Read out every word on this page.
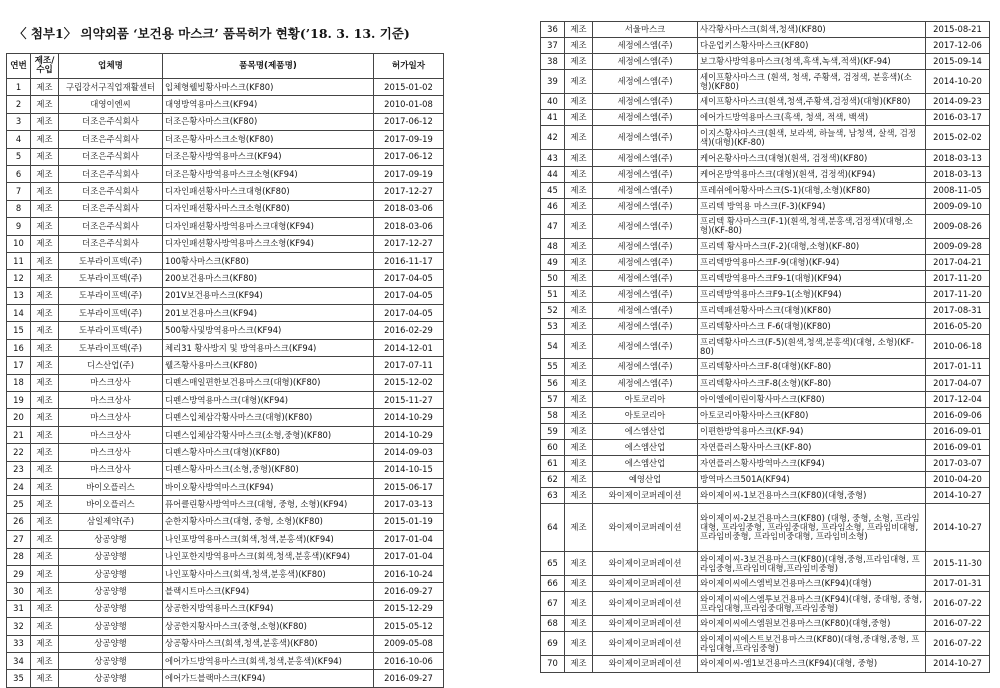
〈 첨부1〉 의약외품 ‘보건용 마스크’ 품목허가 현황(’18. 3. 13. 기준)
연번	제조/ 수입	업체명	품목명(제품명)	허가일자
1	제조	구립강서구직업재활센터	입체형웰빙황사마스크(KF80)	2015-01-02
2	제조	대영이엔씨	대영방역용마스크(KF94)	2010-01-08
3	제조	더조은주식회사	더조은황사마스크(KF80)	2017-06-12
4	제조	더조은주식회사	더조은황사마스크소형(KF80)	2017-09-19
5	제조	더조은주식회사	더조은황사방역용마스크(KF94)	2017-06-12
6	제조	더조은주식회사	더조은황사방역용마스크소형(KF94)	2017-09-19
7	제조	더조은주식회사	디자인패션황사마스크대형(KF80)	2017-12-27
8	제조	더조은주식회사	디자인패션황사마스크소형(KF80)	2018-03-06
9	제조	더조은주식회사	디자인패션황사방역용마스크대형(KF94)	2018-03-06
10	제조	더조은주식회사	디자인패션황사방역용마스크소형(KF94)	2017-12-27
11	제조	도부라이프텍(주)	100황사마스크(KF80)	2016-11-17
12	제조	도부라이프텍(주)	200보건용마스크(KF80)	2017-04-05
13	제조	도부라이프텍(주)	201V보건용마스크(KF94)	2017-04-05
14	제조	도부라이프텍(주)	201보건용마스크(KF94)	2017-04-05
15	제조	도부라이프텍(주)	500황사및방역용마스크(KF94)	2016-02-29
16	제조	도부라이프텍(주)	체리31 황사방지 및 방역용마스크(KF94)	2014-12-01
17	제조	디스산업(주)	웰즈황사용마스크(KF80)	2017-07-11
18	제조	마스크상사	디펜스매일편한보건용마스크(대형)(KF80)	2015-12-02
19	제조	마스크상사	디펜스방역용마스크(대형)(KF94)	2015-11-27
20	제조	마스크상사	디펜스입체삼각황사마스크(대형)(KF80)	2014-10-29
21	제조	마스크상사	디펜스입체삼각황사마스크(소형,중형)(KF80)	2014-10-29
22	제조	마스크상사	디펜스황사마스크(대형)(KF80)	2014-09-03
23	제조	마스크상사	디펜스황사마스크(소형,중형)(KF80)	2014-10-15
24	제조	바이오플러스	바이오황사방역마스크(KF94)	2015-06-17
25	제조	바이오플러스	퓨어클린황사방역마스크(대형, 중형, 소형)(KF94)	2017-03-13
26	제조	삼일제약(주)	순한지황사마스크(대형, 중형, 소형)(KF80)	2015-01-19
27	제조	상공양행	나인포방역용마스크(회색,청색,분홍색)(KF94)	2017-01-04
28	제조	상공양행	나인포한지방역용마스크(회색,청색,분홍색)(KF94)	2017-01-04
29	제조	상공양행	나인포황사마스크(회색,청색,분홍색)(KF80)	2016-10-24
30	제조	상공양행	블랙시트마스크(KF94)	2016-09-27
31	제조	상공양행	상공한지방역용마스크(KF94)	2015-12-29
32	제조	상공양행	상공한지황사마스크(중형,소형)(KF80)	2015-05-12
33	제조	상공양행	상공황사마스크(회색,청색,분홍색)(KF80)	2009-05-08
34	제조	상공양행	에어가드방역용마스크(회색,청색,분홍색)(KF94)	2016-10-06
35	제조	상공양행	에어가드블랙마스크(KF94)	2016-09-27
36	제조	서울마스크	사각황사마스크(회색,청색)(KF80)	2015-08-21
37	제조	세정에스엠(주)	다운업키스황사마스크(KF80)	2017-12-06
38	제조	세정에스엠(주)	보그황사방역용마스크(청색,흑색,녹색,적색)(KF-94)	2015-09-14
39	제조	세정에스엠(주)	세이프황사마스크 (흰색, 청색, 주황색, 검정색, 분홍색)(소형)(KF80)	2014-10-20
40	제조	세정에스엠(주)	세이프황사마스크(흰색,청색,주황색,검정색)(대형)(KF80)	2014-09-23
41	제조	세정에스엠(주)	에어가드방역용마스크(흑색, 청색, 적색, 백색)	2016-03-17
42	제조	세정에스엠(주)	이지스황사마스크(흰색, 보라색, 하늘색, 남청색, 살색, 검정색)(대형)(KF-80)	2015-02-02
43	제조	세정에스엠(주)	케어온황사마스크(대형)(흰색, 검정색)(KF80)	2018-03-13
44	제조	세정에스엠(주)	케어온방역용마스크(대형)(흰색, 검정색)(KF94)	2018-03-13
45	제조	세정에스엠(주)	프레쉬에어황사마스크(S-1)(대형,소형)(KF80)	2008-11-05
46	제조	세정에스엠(주)	프리텍 방역용 마스크(F-3)(KF94)	2009-09-10
47	제조	세정에스엠(주)	프리텍 황사마스크(F-1)(흰색,청색,분홍색,검정색)(대형,소형)(KF-80)	2009-08-26
48	제조	세정에스엠(주)	프리텍 황사마스크(F-2)(대형,소형)(KF-80)	2009-09-28
49	제조	세정에스엠(주)	프리텍방역용마스크F-9(대형)(KF-94)	2017-04-21
50	제조	세정에스엠(주)	프리텍방역용마스크F9-1(대형)(KF94)	2017-11-20
51	제조	세정에스엠(주)	프리텍방역용마스크F9-1(소형)(KF94)	2017-11-20
52	제조	세정에스엠(주)	프리텍패션황사마스크(대형)(KF80)	2017-08-31
53	제조	세정에스엠(주)	프리텍황사마스크 F-6(대형)(KF80)	2016-05-20
54	제조	세정에스엠(주)	프리텍황사마스크(F-5)(흰색,청색,분홍색)(대형, 소형)(KF-80)	2010-06-18
55	제조	세정에스엠(주)	프리텍황사마스크F-8(대형)(KF-80)	2017-01-11
56	제조	세정에스엠(주)	프리텍황사마스크F-8(소형)(KF-80)	2017-04-07
57	제조	아토코리아	아이엘에이린이황사마스크(KF80)	2017-12-04
58	제조	아토코리아	아토코리아황사마스크(KF80)	2016-09-06
59	제조	에스엠산업	이편한방역용마스크(KF-94)	2016-09-01
60	제조	에스엠산업	자연플러스황사마스크(KF-80)	2016-09-01
61	제조	에스엠산업	자연플러스황사방역마스크(KF94)	2017-03-07
62	제조	예영산업	방역마스크501A(KF94)	2010-04-20
63	제조	와이제이코퍼레이션	와이제이씨-1보건용마스크(KF80)(대형,중형)	2014-10-27
64	제조	와이제이코퍼레이션	와이제이씨-2보건용마스크(KF80) (대형, 중형, 소형, 프라임대형, 프라임중형, 프라임중대형, 프라임소형, 프라임비대형, 프라임비중형, 프라임비중대형, 프라임비소형)	2014-10-27
65	제조	와이제이코퍼레이션	와이제이씨-3보건용마스크(KF80)(대형,중형,프라임대형, 프라임중형,프라임비대형,프라임비중형)	2015-11-30
66	제조	와이제이코퍼레이션	와이제이씨에스엠빅보건용마스크(KF94)(대형)	2017-01-31
67	제조	와이제이코퍼레이션	와이제이씨에스엠투보건용마스크(KF94)(대형, 중대형, 중형,프라임대형,프라임중대형,프라임중형)	2016-07-22
68	제조	와이제이코퍼레이션	와이제이씨에스엠원보건용마스크(KF80)(대형,중형)	2016-07-22
69	제조	와이제이코퍼레이션	와이제이씨에스트보건용마스크(KF80)(대형,중대형,중형, 프라임대형,프라임중형)	2016-07-22
70	제조	와이제이코퍼레이션	와이제이씨-엠1보건용마스크(KF94)(대형, 중형)	2014-10-27
